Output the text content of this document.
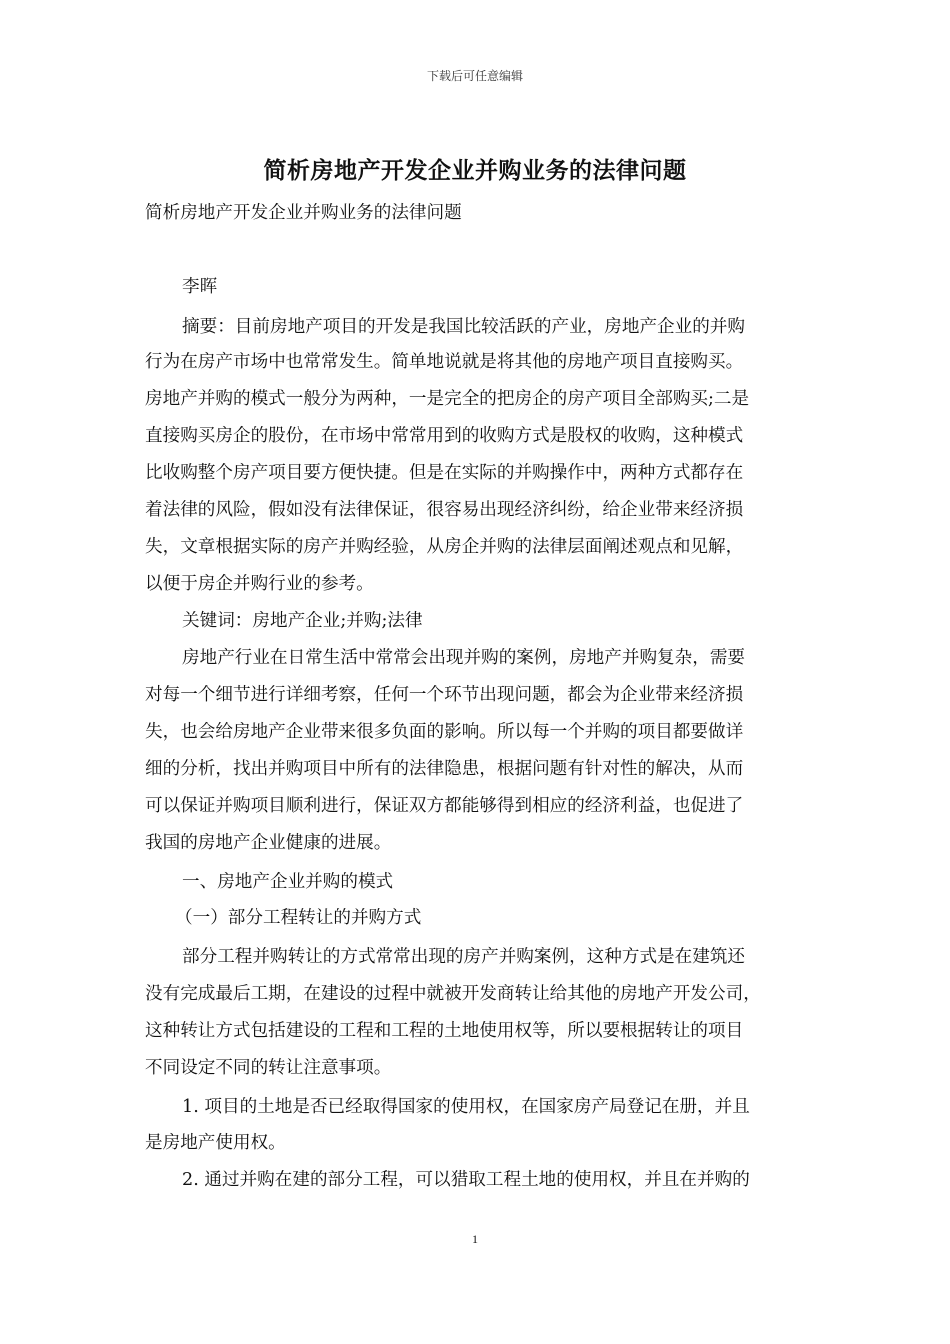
下载后可任意编辑
简析房地产开发企业并购业务的法律问题
简析房地产开发企业并购业务的法律问题
李晖
摘要：目前房地产项目的开发是我国比较活跃的产业，房地产企业的并购
行为在房产市场中也常常发生。简单地说就是将其他的房地产项目直接购买。
房地产并购的模式一般分为两种，一是完全的把房企的房产项目全部购买;二是
直接购买房企的股份，在市场中常常用到的收购方式是股权的收购，这种模式
比收购整个房产项目要方便快捷。但是在实际的并购操作中，两种方式都存在
着法律的风险，假如没有法律保证，很容易出现经济纠纷，给企业带来经济损
失，文章根据实际的房产并购经验，从房企并购的法律层面阐述观点和见解，
以便于房企并购行业的参考。
关键词：房地产企业;并购;法律
房地产行业在日常生活中常常会出现并购的案例，房地产并购复杂，需要
对每一个细节进行详细考察，任何一个环节出现问题，都会为企业带来经济损
失，也会给房地产企业带来很多负面的影响。所以每一个并购的项目都要做详
细的分析，找出并购项目中所有的法律隐患，根据问题有针对性的解决，从而
可以保证并购项目顺利进行，保证双方都能够得到相应的经济利益，也促进了
我国的房地产企业健康的进展。
一、房地产企业并购的模式
（一）部分工程转让的并购方式
部分工程并购转让的方式常常出现的房产并购案例，这种方式是在建筑还
没有完成最后工期，在建设的过程中就被开发商转让给其他的房地产开发公司，
这种转让方式包括建设的工程和工程的土地使用权等，所以要根据转让的项目
不同设定不同的转让注意事项。
1. 项目的土地是否已经取得国家的使用权，在国家房产局登记在册，并且
是房地产使用权。
2. 通过并购在建的部分工程，可以猎取工程土地的使用权，并且在并购的
1
